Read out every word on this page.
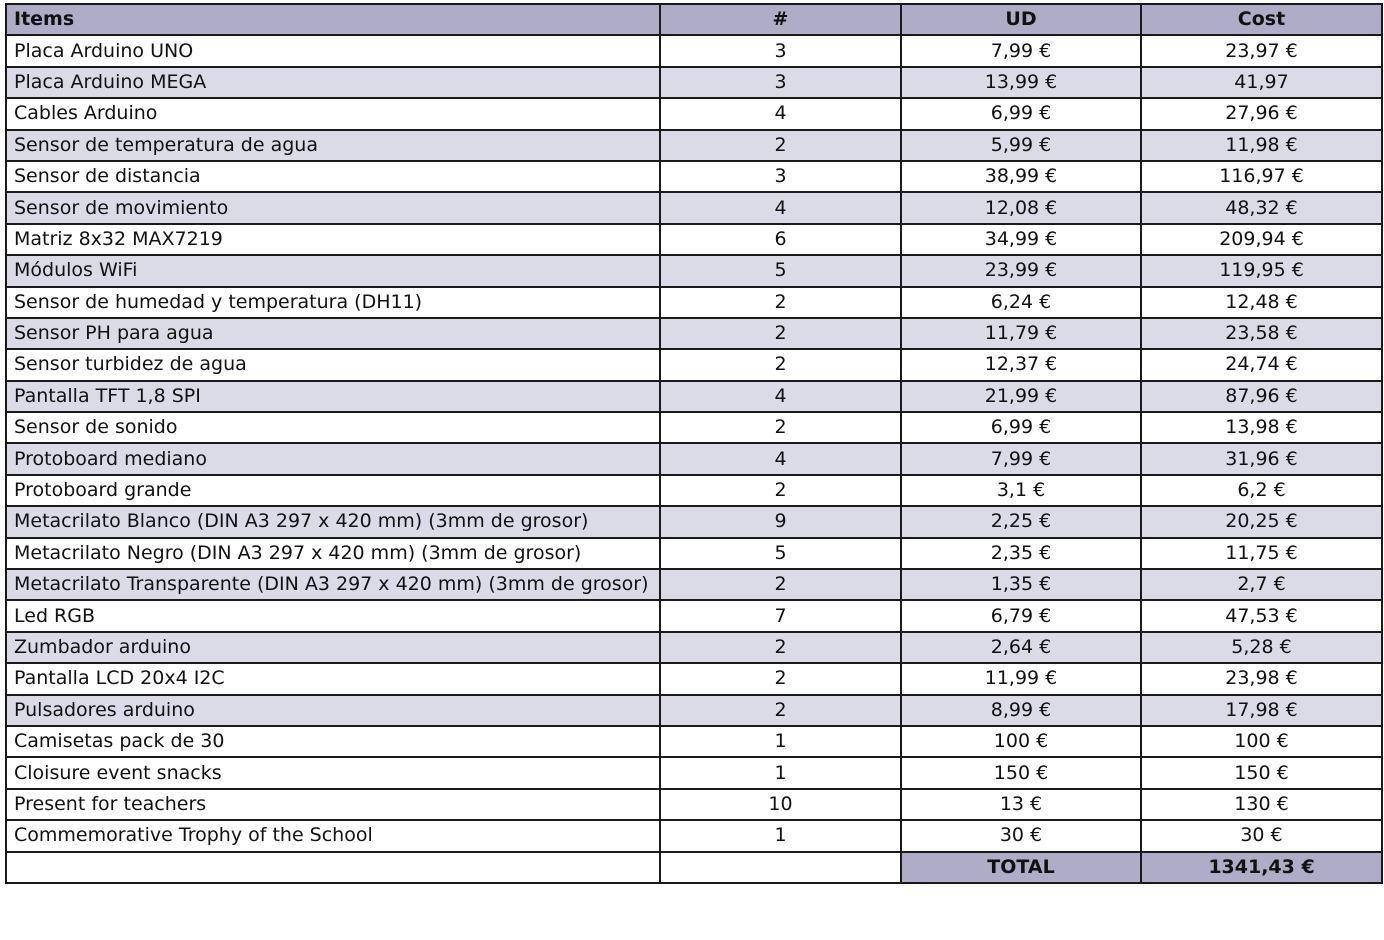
Items	#	UD	Cost
Placa Arduino UNO	3	7,99 €	23,97 €
Placa Arduino MEGA	3	13,99 €	41,97
Cables Arduino	4	6,99 €	27,96 €
Sensor de temperatura de agua	2	5,99 €	11,98 €
Sensor de distancia	3	38,99 €	116,97 €
Sensor de movimiento	4	12,08 €	48,32 €
Matriz 8x32 MAX7219	6	34,99 €	209,94 €
Módulos WiFi	5	23,99 €	119,95 €
Sensor de humedad y temperatura (DH11)	2	6,24 €	12,48 €
Sensor PH para agua	2	11,79 €	23,58 €
Sensor turbidez de agua	2	12,37 €	24,74 €
Pantalla TFT 1,8 SPI	4	21,99 €	87,96 €
Sensor de sonido	2	6,99 €	13,98 €
Protoboard mediano	4	7,99 €	31,96 €
Protoboard grande	2	3,1 €	6,2 €
Metacrilato Blanco (DIN A3 297 x 420 mm) (3mm de grosor)	9	2,25 €	20,25 €
Metacrilato Negro (DIN A3 297 x 420 mm) (3mm de grosor)	5	2,35 €	11,75 €
Metacrilato Transparente (DIN A3 297 x 420 mm) (3mm de grosor)	2	1,35 €	2,7 €
Led RGB	7	6,79 €	47,53 €
Zumbador arduino	2	2,64 €	5,28 €
Pantalla LCD 20x4 I2C	2	11,99 €	23,98 €
Pulsadores arduino	2	8,99 €	17,98 €
Camisetas pack de 30	1	100 €	100 €
Cloisure event snacks	1	150 €	150 €
Present for teachers	10	13 €	130 €
Commemorative Trophy of the School	1	30 €	30 €
		TOTAL	1341,43 €
